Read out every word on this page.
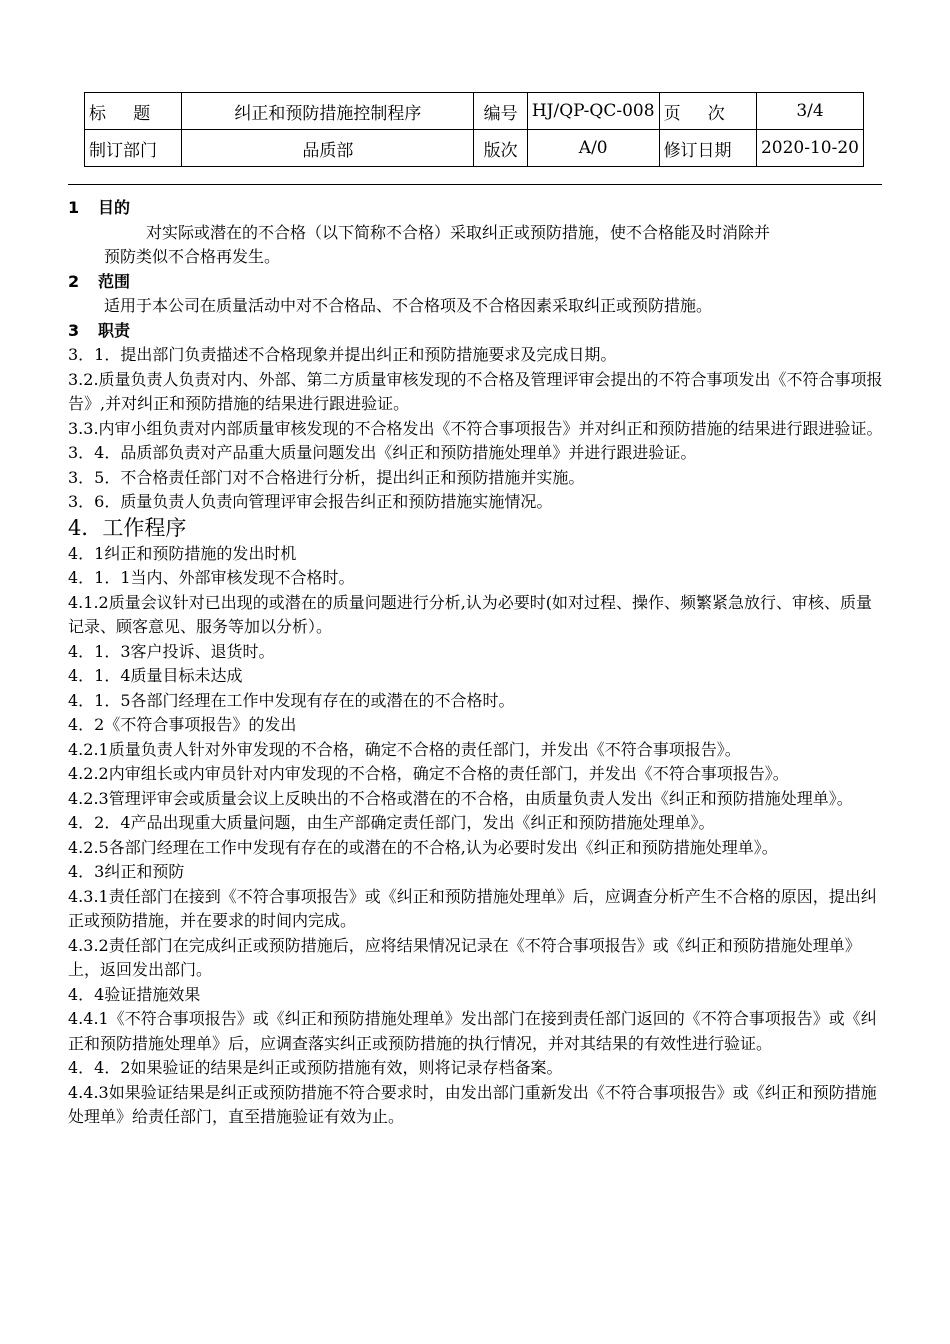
标题	纠正和预防措施控制程序	编号	HJ/QP-QC-008	页次	3/4
制订部门	品质部	版次	A/0	修订日期	2020-10-20

1 目的

对实际或潜在的不合格（以下简称不合格）采取纠正或预防措施，使不合格能及时消除并

预防类似不合格再发生。

2 范围

适用于本公司在质量活动中对不合格品、不合格项及不合格因素采取纠正或预防措施。

3 职责

3．1．提出部门负责描述不合格现象并提出纠正和预防措施要求及完成日期。

3.2.质量负责人负责对内、外部、第二方质量审核发现的不合格及管理评审会提出的不符合事项发出《不符合事项报告》,并对纠正和预防措施的结果进行跟进验证。

3.3.内审小组负责对内部质量审核发现的不合格发出《不符合事项报告》并对纠正和预防措施的结果进行跟进验证。

3．4．品质部负责对产品重大质量问题发出《纠正和预防措施处理单》并进行跟进验证。

3．5．不合格责任部门对不合格进行分析，提出纠正和预防措施并实施。

3．6．质量负责人负责向管理评审会报告纠正和预防措施实施情况。

4．工作程序

4．1纠正和预防措施的发出时机

4．1．1当内、外部审核发现不合格时。

4.1.2质量会议针对已出现的或潜在的质量问题进行分析,认为必要时(如对过程、操作、频繁紧急放行、审核、质量记录、顾客意见、服务等加以分析）。

4．1．3客户投诉、退货时。

4．1．4质量目标未达成

4．1．5各部门经理在工作中发现有存在的或潜在的不合格时。

4．2《不符合事项报告》的发出

4.2.1质量负责人针对外审发现的不合格，确定不合格的责任部门，并发出《不符合事项报告》。

4.2.2内审组长或内审员针对内审发现的不合格，确定不合格的责任部门，并发出《不符合事项报告》。

4.2.3管理评审会或质量会议上反映出的不合格或潜在的不合格，由质量负责人发出《纠正和预防措施处理单》。

4．2．4产品出现重大质量问题，由生产部确定责任部门，发出《纠正和预防措施处理单》。

4.2.5各部门经理在工作中发现有存在的或潜在的不合格,认为必要时发出《纠正和预防措施处理单》。

4．3纠正和预防

4.3.1责任部门在接到《不符合事项报告》或《纠正和预防措施处理单》后，应调查分析产生不合格的原因，提出纠正或预防措施，并在要求的时间内完成。

4.3.2责任部门在完成纠正或预防措施后，应将结果情况记录在《不符合事项报告》或《纠正和预防措施处理单》上，返回发出部门。

4．4验证措施效果

4.4.1《不符合事项报告》或《纠正和预防措施处理单》发出部门在接到责任部门返回的《不符合事项报告》或《纠正和预防措施处理单》后，应调查落实纠正或预防措施的执行情况，并对其结果的有效性进行验证。

4．4．2如果验证的结果是纠正或预防措施有效，则将记录存档备案。

4.4.3如果验证结果是纠正或预防措施不符合要求时，由发出部门重新发出《不符合事项报告》或《纠正和预防措施处理单》给责任部门，直至措施验证有效为止。
